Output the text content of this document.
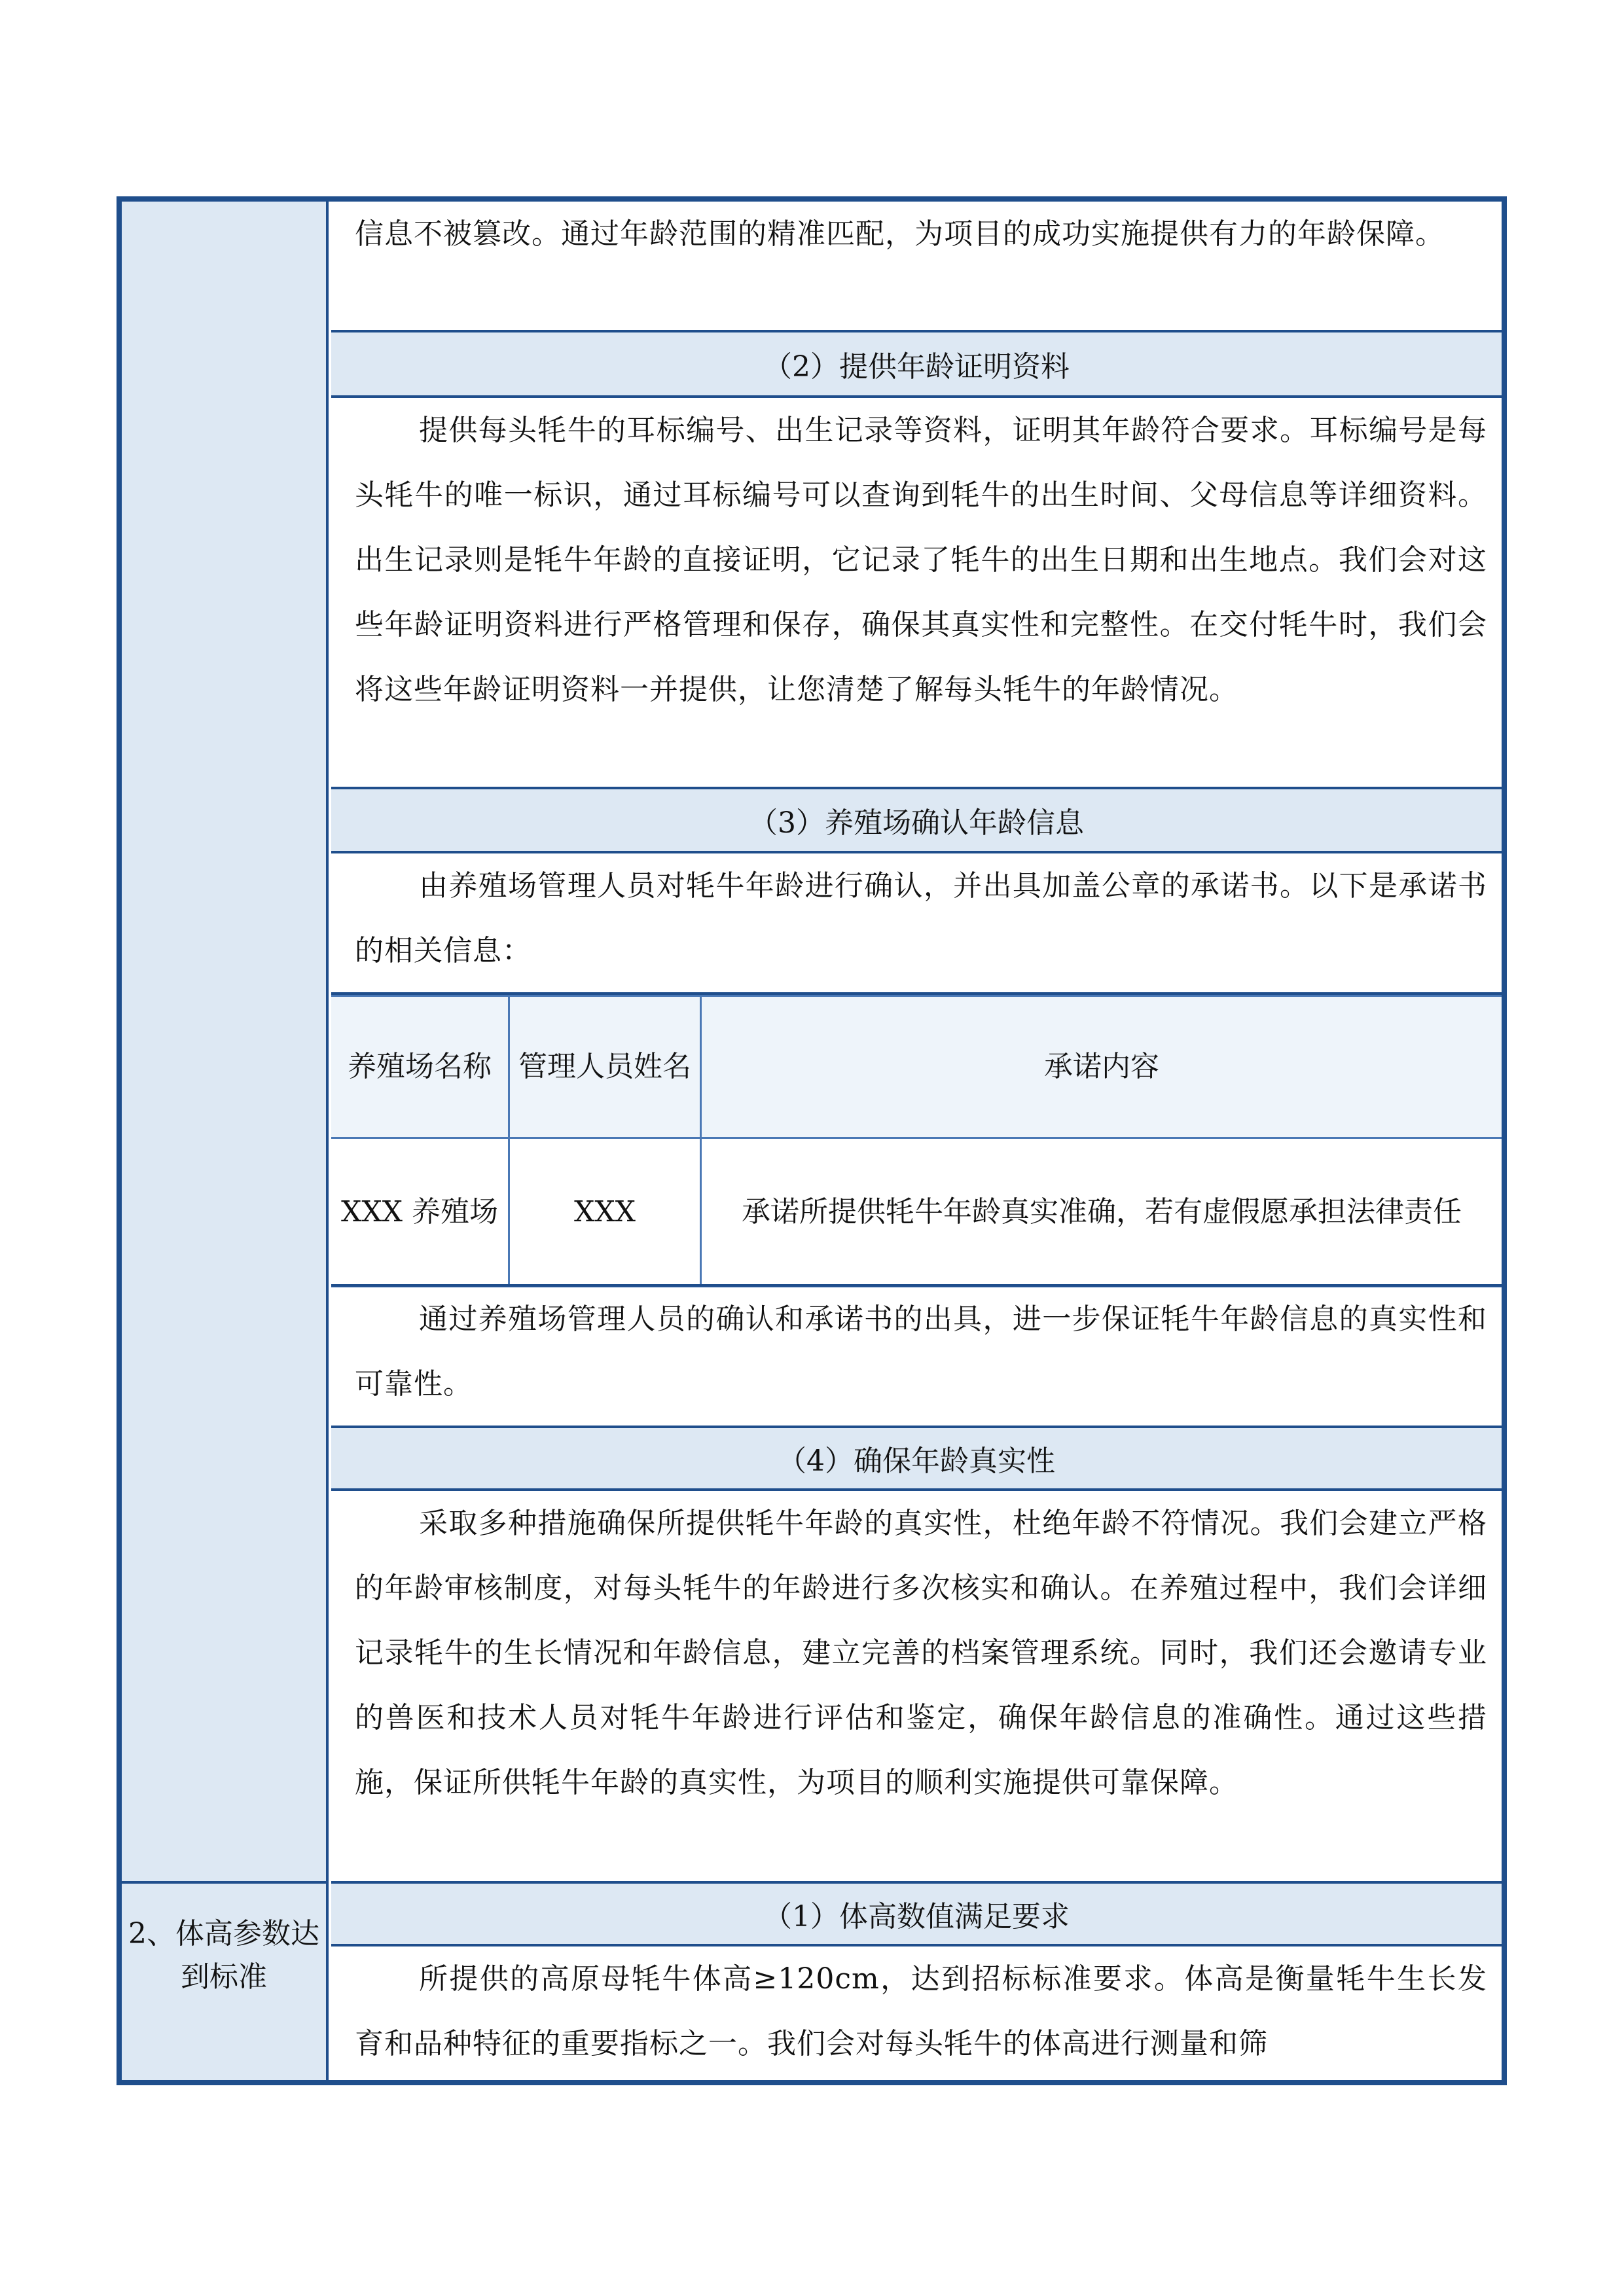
2、体高参数达到标准
信息不被篡改。通过年龄范围的精准匹配，为项目的成功实施提供有力的年龄保障。
（2）提供年龄证明资料
提供每头牦牛的耳标编号、出生记录等资料，证明其年龄符合要求。耳标编号是每头牦牛的唯一标识，通过耳标编号可以查询到牦牛的出生时间、父母信息等详细资料。出生记录则是牦牛年龄的直接证明，它记录了牦牛的出生日期和出生地点。我们会对这些年龄证明资料进行严格管理和保存，确保其真实性和完整性。在交付牦牛时，我们会将这些年龄证明资料一并提供，让您清楚了解每头牦牛的年龄情况。
（3）养殖场确认年龄信息
由养殖场管理人员对牦牛年龄进行确认，并出具加盖公章的承诺书。以下是承诺书的相关信息：
养殖场名称	管理人员姓名	承诺内容
XXX 养殖场	XXX	承诺所提供牦牛年龄真实准确，若有虚假愿承担法律责任
通过养殖场管理人员的确认和承诺书的出具，进一步保证牦牛年龄信息的真实性和可靠性。
（4）确保年龄真实性
采取多种措施确保所提供牦牛年龄的真实性，杜绝年龄不符情况。我们会建立严格的年龄审核制度，对每头牦牛的年龄进行多次核实和确认。在养殖过程中，我们会详细记录牦牛的生长情况和年龄信息，建立完善的档案管理系统。同时，我们还会邀请专业的兽医和技术人员对牦牛年龄进行评估和鉴定，确保年龄信息的准确性。通过这些措施，保证所供牦牛年龄的真实性，为项目的顺利实施提供可靠保障。
（1）体高数值满足要求
所提供的高原母牦牛体高≥120cm，达到招标标准要求。体高是衡量牦牛生长发育和品种特征的重要指标之一。我们会对每头牦牛的体高进行测量和筛
